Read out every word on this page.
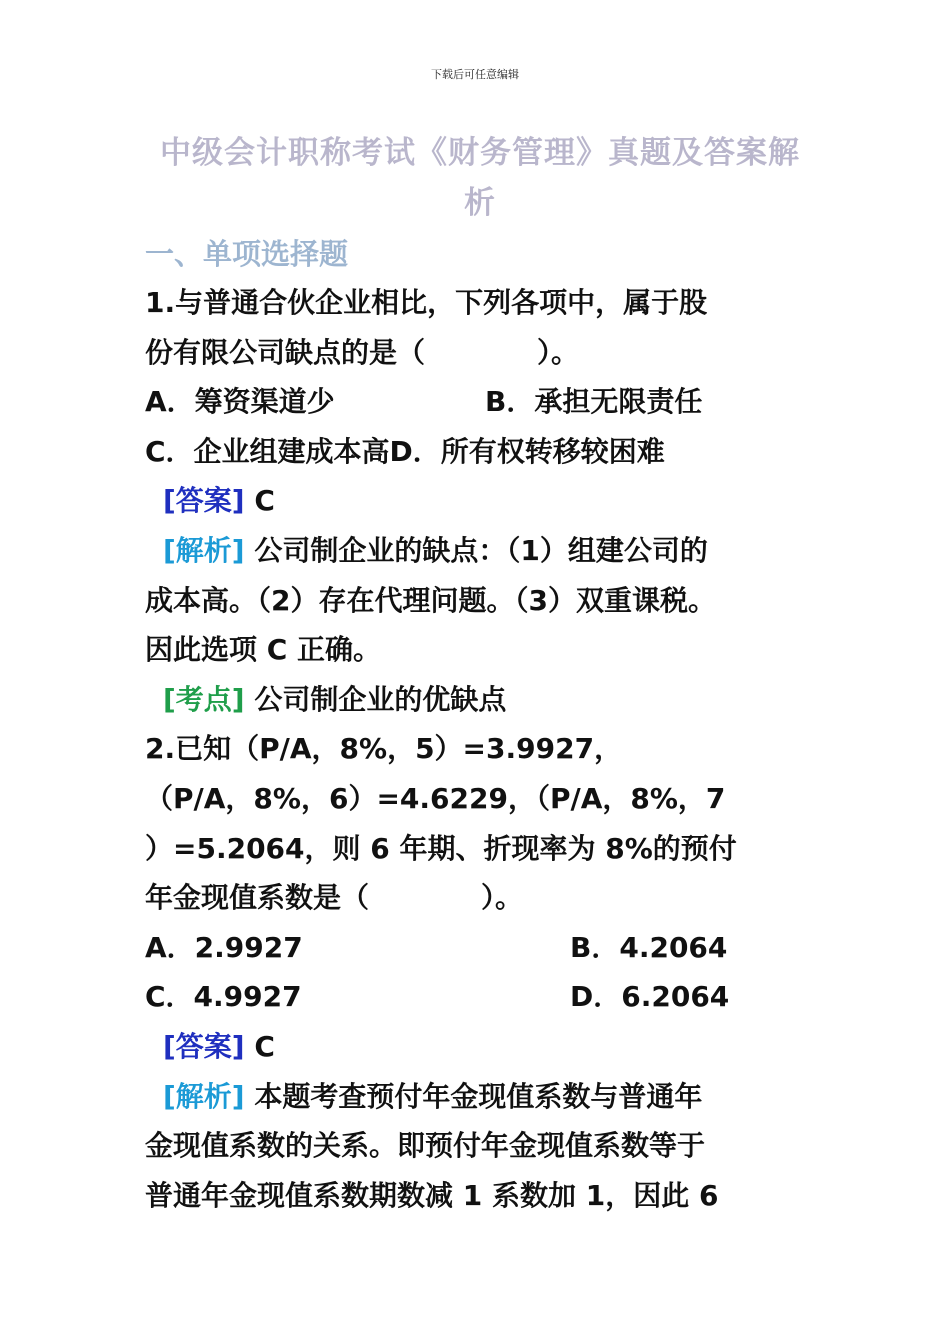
下载后可任意编辑
中级会计职称考试《财务管理》真题及答案解析
一、单项选择题
1.与普通合伙企业相比，下列各项中，属于股
份有限公司缺点的是（　　　　）。
A．筹资渠道少	B．承担无限责任
C．企业组建成本高D．所有权转移较困难
[答案] C
[解析] 公司制企业的缺点：（1）组建公司的
成本高。（2）存在代理问题。（3）双重课税。
因此选项 C 正确。
[考点] 公司制企业的优缺点
2.已知（P/A，8%，5）=3.9927，
（P/A，8%，6）=4.6229，（P/A，8%，7
）=5.2064，则 6 年期、折现率为 8%的预付
年金现值系数是（　　　　）。
A．2.9927	B．4.2064
C．4.9927	D．6.2064
[答案] C
[解析] 本题考查预付年金现值系数与普通年
金现值系数的关系。即预付年金现值系数等于
普通年金现值系数期数减 1 系数加 1，因此 6
